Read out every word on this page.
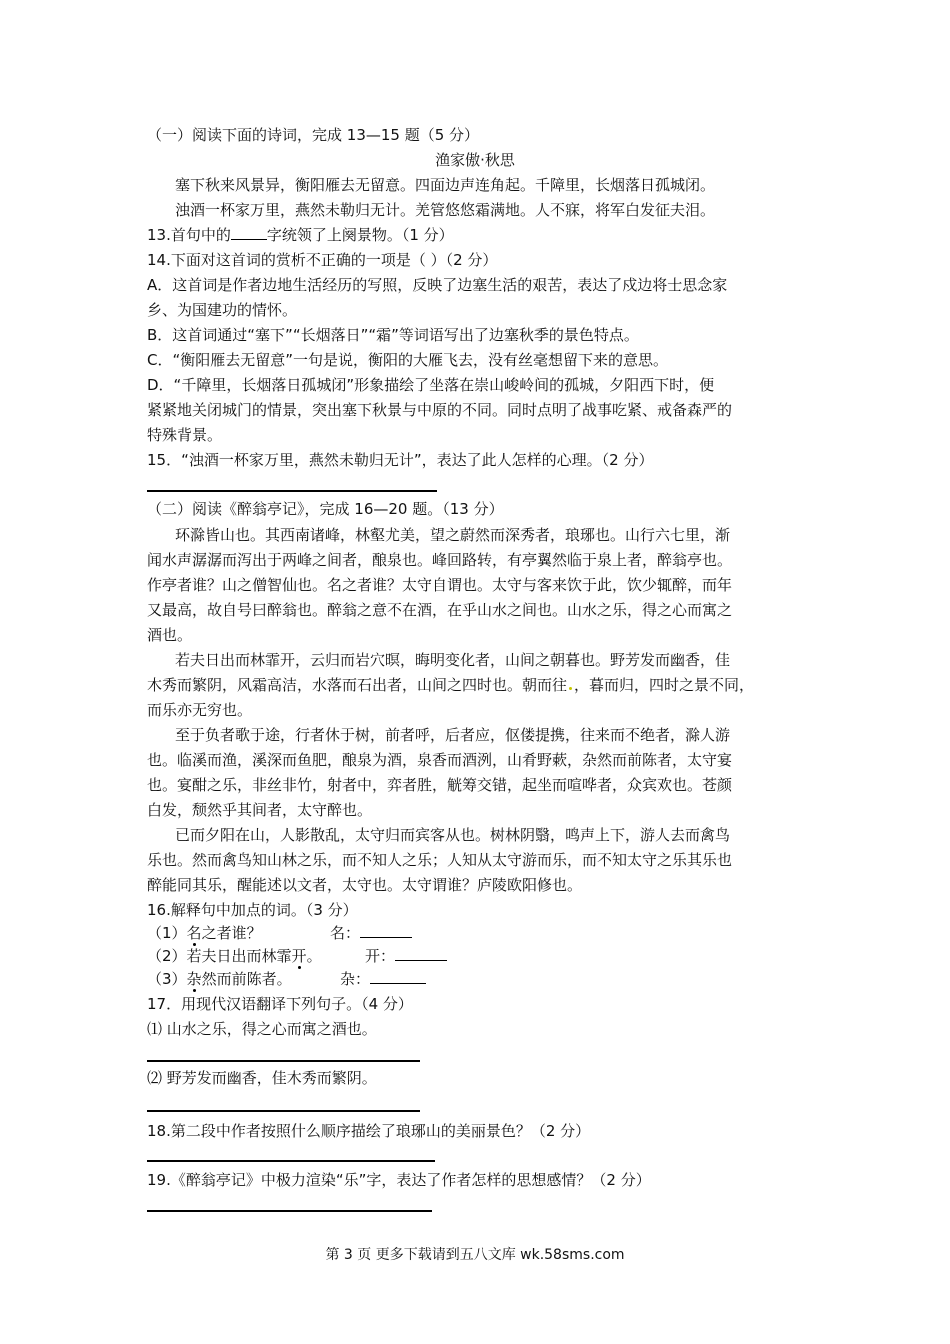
（一）阅读下面的诗词，完成 13—15 题（5 分）
渔家傲·秋思
塞下秋来风景异，衡阳雁去无留意。四面边声连角起。千障里，长烟落日孤城闭。
浊酒一杯家万里，燕然未勒归无计。羌管悠悠霜满地。人不寐，将军白发征夫泪。
13.首句中的 字统领了上阕景物。（1 分）
14.下面对这首词的赏析不正确的一项是（ ）（2 分）
A．这首词是作者边地生活经历的写照，反映了边塞生活的艰苦，表达了戍边将士思念家
乡、为国建功的情怀。
B．这首词通过“塞下”“长烟落日”“霜”等词语写出了边塞秋季的景色特点。
C．“衡阳雁去无留意”一句是说，衡阳的大雁飞去，没有丝毫想留下来的意思。
D．“千障里，长烟落日孤城闭”形象描绘了坐落在崇山峻岭间的孤城，夕阳西下时，便
紧紧地关闭城门的情景，突出塞下秋景与中原的不同。同时点明了战事吃紧、戒备森严的
特殊背景。
15．“浊酒一杯家万里，燕然未勒归无计”，表达了此人怎样的心理。（2 分）
（二）阅读《醉翁亭记》，完成 16—20 题。（13 分）
环滁皆山也。其西南诸峰，林壑尤美，望之蔚然而深秀者，琅琊也。山行六七里，渐
闻水声潺潺而泻出于两峰之间者，酿泉也。峰回路转，有亭翼然临于泉上者，醉翁亭也。
作亭者谁？山之僧智仙也。名之者谁？太守自谓也。太守与客来饮于此，饮少辄醉，而年
又最高，故自号曰醉翁也。醉翁之意不在酒，在乎山水之间也。山水之乐，得之心而寓之
酒也。
若夫日出而林霏开，云归而岩穴暝，晦明变化者，山间之朝暮也。野芳发而幽香，佳
木秀而繁阴，风霜高洁，水落而石出者，山间之四时也。朝而往 ，暮而归，四时之景不同，
而乐亦无穷也。
至于负者歌于途，行者休于树，前者呼，后者应，伛偻提携，往来而不绝者，滁人游
也。临溪而渔，溪深而鱼肥，酿泉为酒，泉香而酒洌，山肴野蔌，杂然而前陈者，太守宴
也。宴酣之乐，非丝非竹，射者中，弈者胜，觥筹交错，起坐而喧哗者，众宾欢也。苍颜
白发，颓然乎其间者，太守醉也。
已而夕阳在山，人影散乱，太守归而宾客从也。树林阴翳，鸣声上下，游人去而禽鸟
乐也。然而禽鸟知山林之乐，而不知人之乐；人知从太守游而乐，而不知太守之乐其乐也
醉能同其乐，醒能述以文者，太守也。太守谓谁？庐陵欧阳修也。
16.解释句中加点的词。（3 分）
（1）名之者谁？	名：
（2）若夫日出而林霏开。	开：
（3）杂然而前陈者。	杂：
17．用现代汉语翻译下列句子。（4 分）
⑴ 山水之乐，得之心而寓之酒也。
⑵ 野芳发而幽香，佳木秀而繁阴。
18.第二段中作者按照什么顺序描绘了琅琊山的美丽景色？（2 分）
19.《醉翁亭记》中极力渲染“乐”字，表达了作者怎样的思想感情？（2 分）
第 3 页 更多下载请到五八文库 wk.58sms.com
